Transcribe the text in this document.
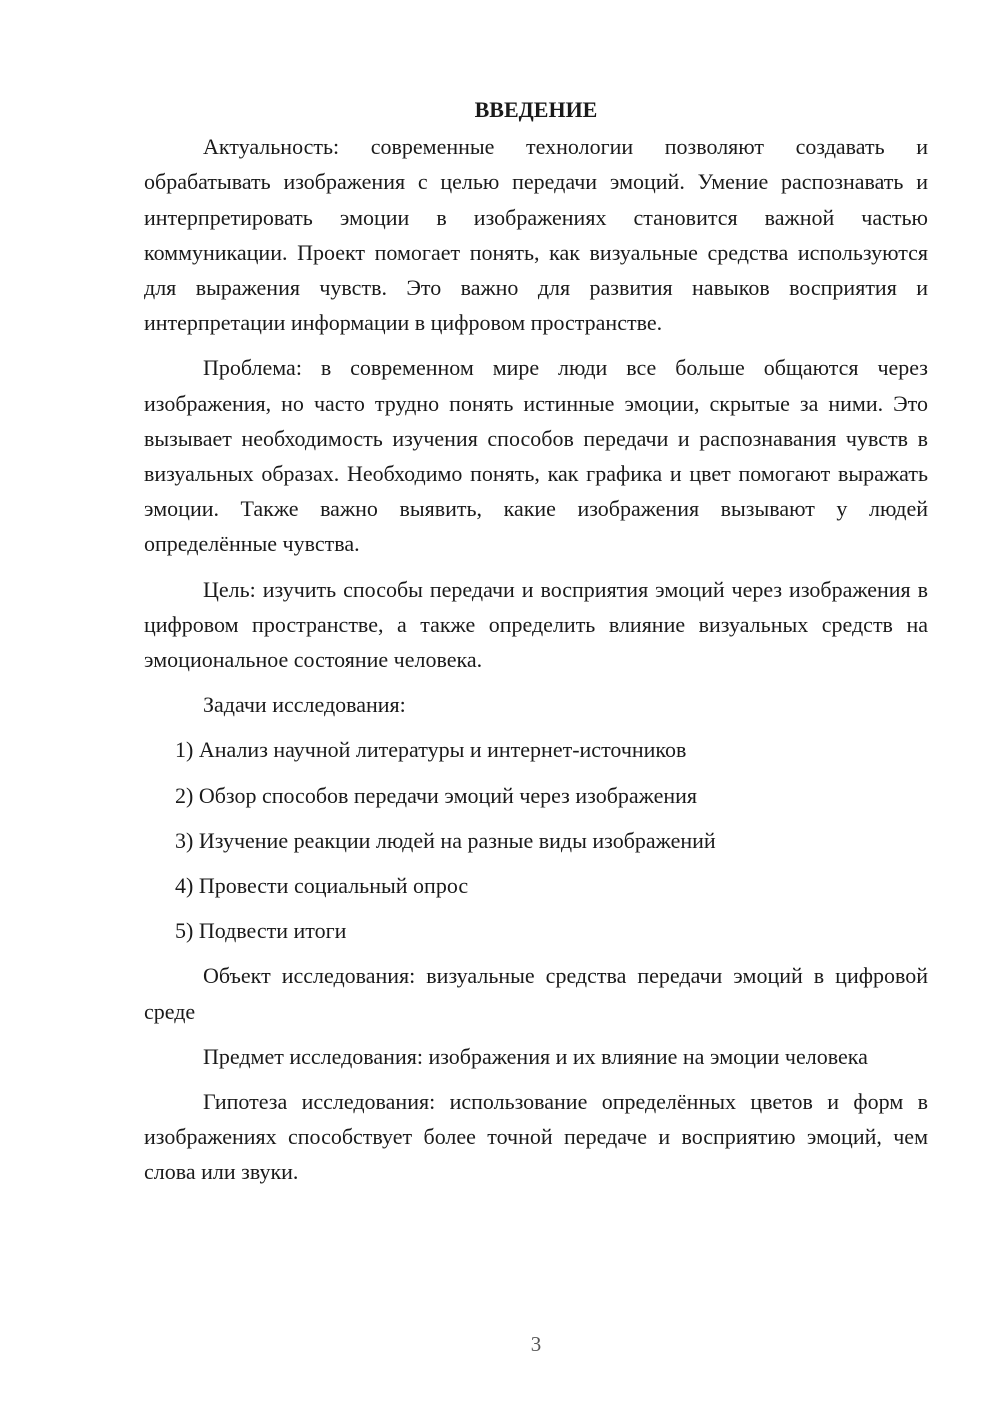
ВВЕДЕНИЕ

Актуальность: современные технологии позволяют создавать и обрабатывать изображения с целью передачи эмоций. Умение распознавать и интерпретировать эмоции в изображениях становится важной частью коммуникации. Проект помогает понять, как визуальные средства используются для выражения чувств. Это важно для развития навыков восприятия и интерпретации информации в цифровом пространстве.

Проблема: в современном мире люди все больше общаются через изображения, но часто трудно понять истинные эмоции, скрытые за ними. Это вызывает необходимость изучения способов передачи и распознавания чувств в визуальных образах. Необходимо понять, как графика и цвет помогают выражать эмоции. Также важно выявить, какие изображения вызывают у людей определённые чувства.

Цель: изучить способы передачи и восприятия эмоций через изображения в цифровом пространстве, а также определить влияние визуальных средств на эмоциональное состояние человека.

Задачи исследования:

1) Анализ научной литературы и интернет-источников
2) Обзор способов передачи эмоций через изображения
3) Изучение реакции людей на разные виды изображений
4) Провести социальный опрос
5) Подвести итоги

Объект исследования: визуальные средства передачи эмоций в цифровой среде

Предмет исследования: изображения и их влияние на эмоции человека

Гипотеза исследования: использование определённых цветов и форм в изображениях способствует более точной передаче и восприятию эмоций, чем слова или звуки.

3
